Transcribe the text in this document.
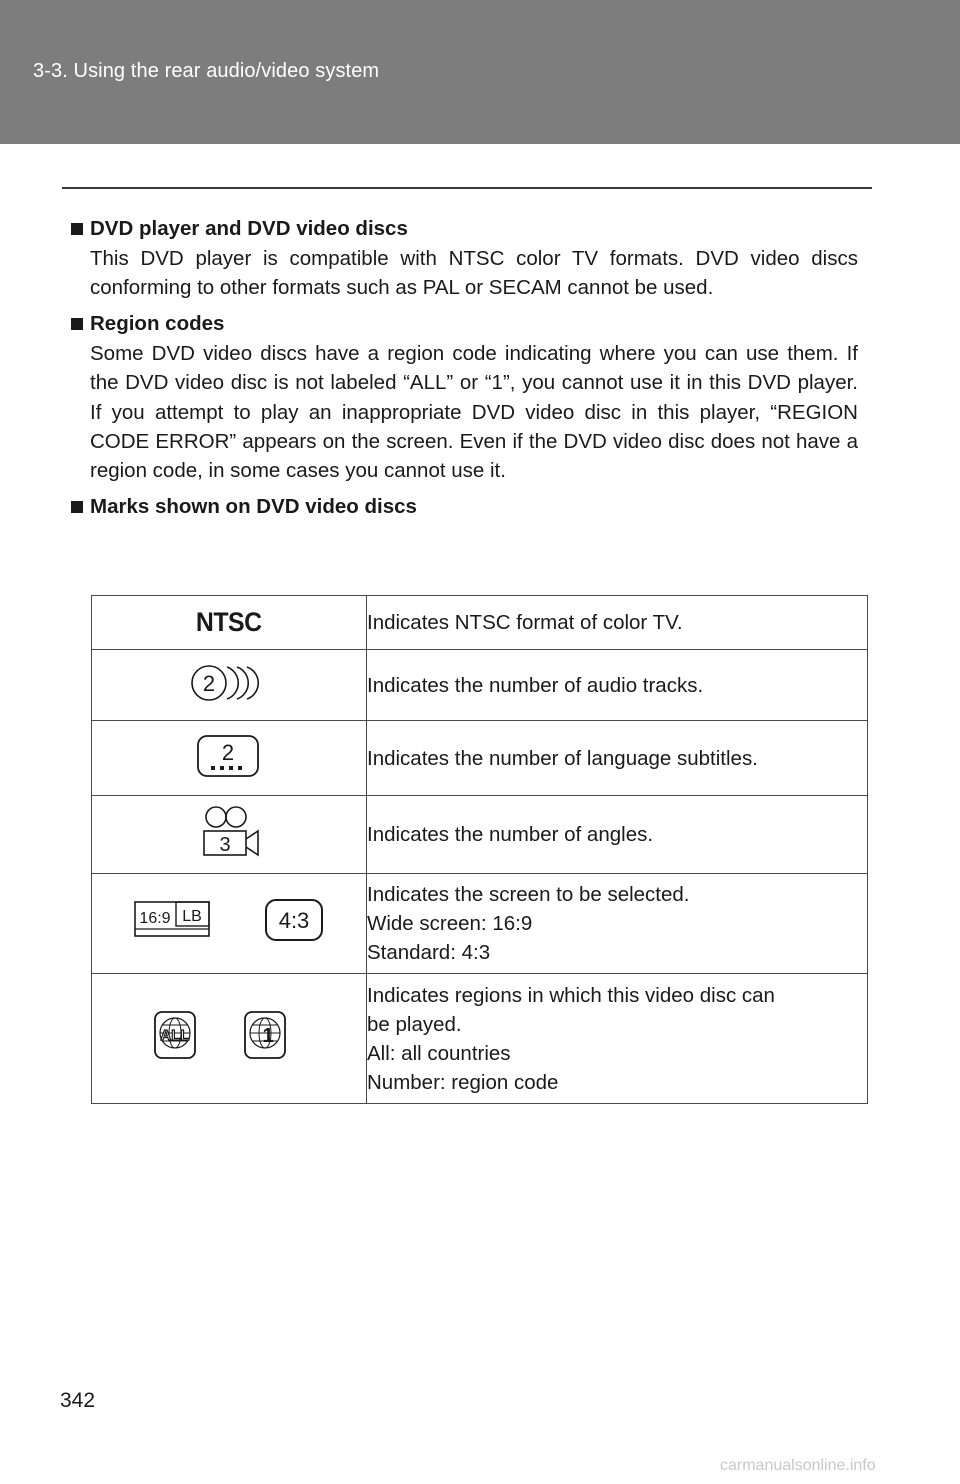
3-3. Using the rear audio/video system
DVD player and DVD video discs
This DVD player is compatible with NTSC color TV formats. DVD video discs conforming to other formats such as PAL or SECAM cannot be used.
Region codes
Some DVD video discs have a region code indicating where you can use them. If the DVD video disc is not labeled “ALL” or “1”, you cannot use it in this DVD player. If you attempt to play an inappropriate DVD video disc in this player, “REGION CODE ERROR” appears on the screen. Even if the DVD video disc does not have a region code, in some cases you cannot use it.
Marks shown on DVD video discs
NTSC	Indicates NTSC format of color TV.

2	Indicates the number of audio tracks.

2	Indicates the number of language subtitles.

3	Indicates the number of angles.

16:9 LB 4:3	Indicates the screen to be selected.
Wide screen: 16:9
Standard: 4:3

ALL 1	Indicates regions in which this video disc can
be played.
All: all countries
Number: region code
342
carmanualsonline.info
